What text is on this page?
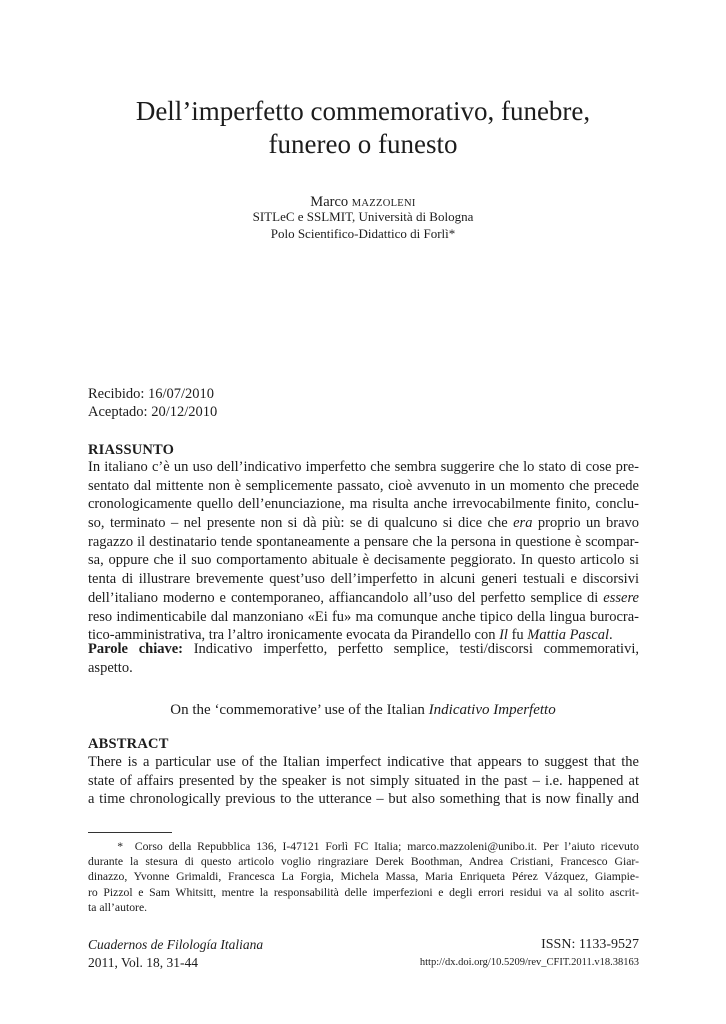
Dell’imperfetto commemorativo, funebre,
funereo o funesto
Marco MAZZOLENI
SITLeC e SSLMIT, Università di Bologna
Polo Scientifico-Didattico di Forlì*
Recibido: 16/07/2010
Aceptado: 20/12/2010
RIASSUNTO
In italiano c’è un uso dell’indicativo imperfetto che sembra suggerire che lo stato di cose pre-
sentato dal mittente non è semplicemente passato, cioè avvenuto in un momento che precede
cronologicamente quello dell’enunciazione, ma risulta anche irrevocabilmente finito, conclu-
so, terminato – nel presente non si dà più: se di qualcuno si dice che era proprio un bravo
ragazzo il destinatario tende spontaneamente a pensare che la persona in questione è scompar-
sa, oppure che il suo comportamento abituale è decisamente peggiorato. In questo articolo si
tenta di illustrare brevemente quest’uso dell’imperfetto in alcuni generi testuali e discorsivi
dell’italiano moderno e contemporaneo, affiancandolo all’uso del perfetto semplice di essere
reso indimenticabile dal manzoniano «Ei fu» ma comunque anche tipico della lingua burocra-
tico-amministrativa, tra l’altro ironicamente evocata da Pirandello con Il fu Mattia Pascal.
Parole chiave: Indicativo imperfetto, perfetto semplice, testi/discorsi commemorativi,
aspetto.
On the ‘commemorative’ use of the Italian Indicativo Imperfetto
ABSTRACT
There is a particular use of the Italian imperfect indicative that appears to suggest that the
state of affairs presented by the speaker is not simply situated in the past – i.e. happened at
a time chronologically previous to the utterance – but also something that is now finally and
*  Corso della Repubblica 136, I-47121 Forlì FC Italia; marco.mazzoleni@unibo.it. Per l’aiuto ricevuto
durante la stesura di questo articolo voglio ringraziare Derek Boothman, Andrea Cristiani, Francesco Giar-
dinazzo, Yvonne Grimaldi, Francesca La Forgia, Michela Massa, Maria Enriqueta Pérez Vázquez, Giampie-
ro Pizzol e Sam Whitsitt, mentre la responsabilità delle imperfezioni e degli errori residui va al solito ascrit-
ta all’autore.
Cuadernos de Filología Italiana
2011, Vol. 18, 31-44
ISSN: 1133-9527
http://dx.doi.org/10.5209/rev_CFIT.2011.v18.38163
